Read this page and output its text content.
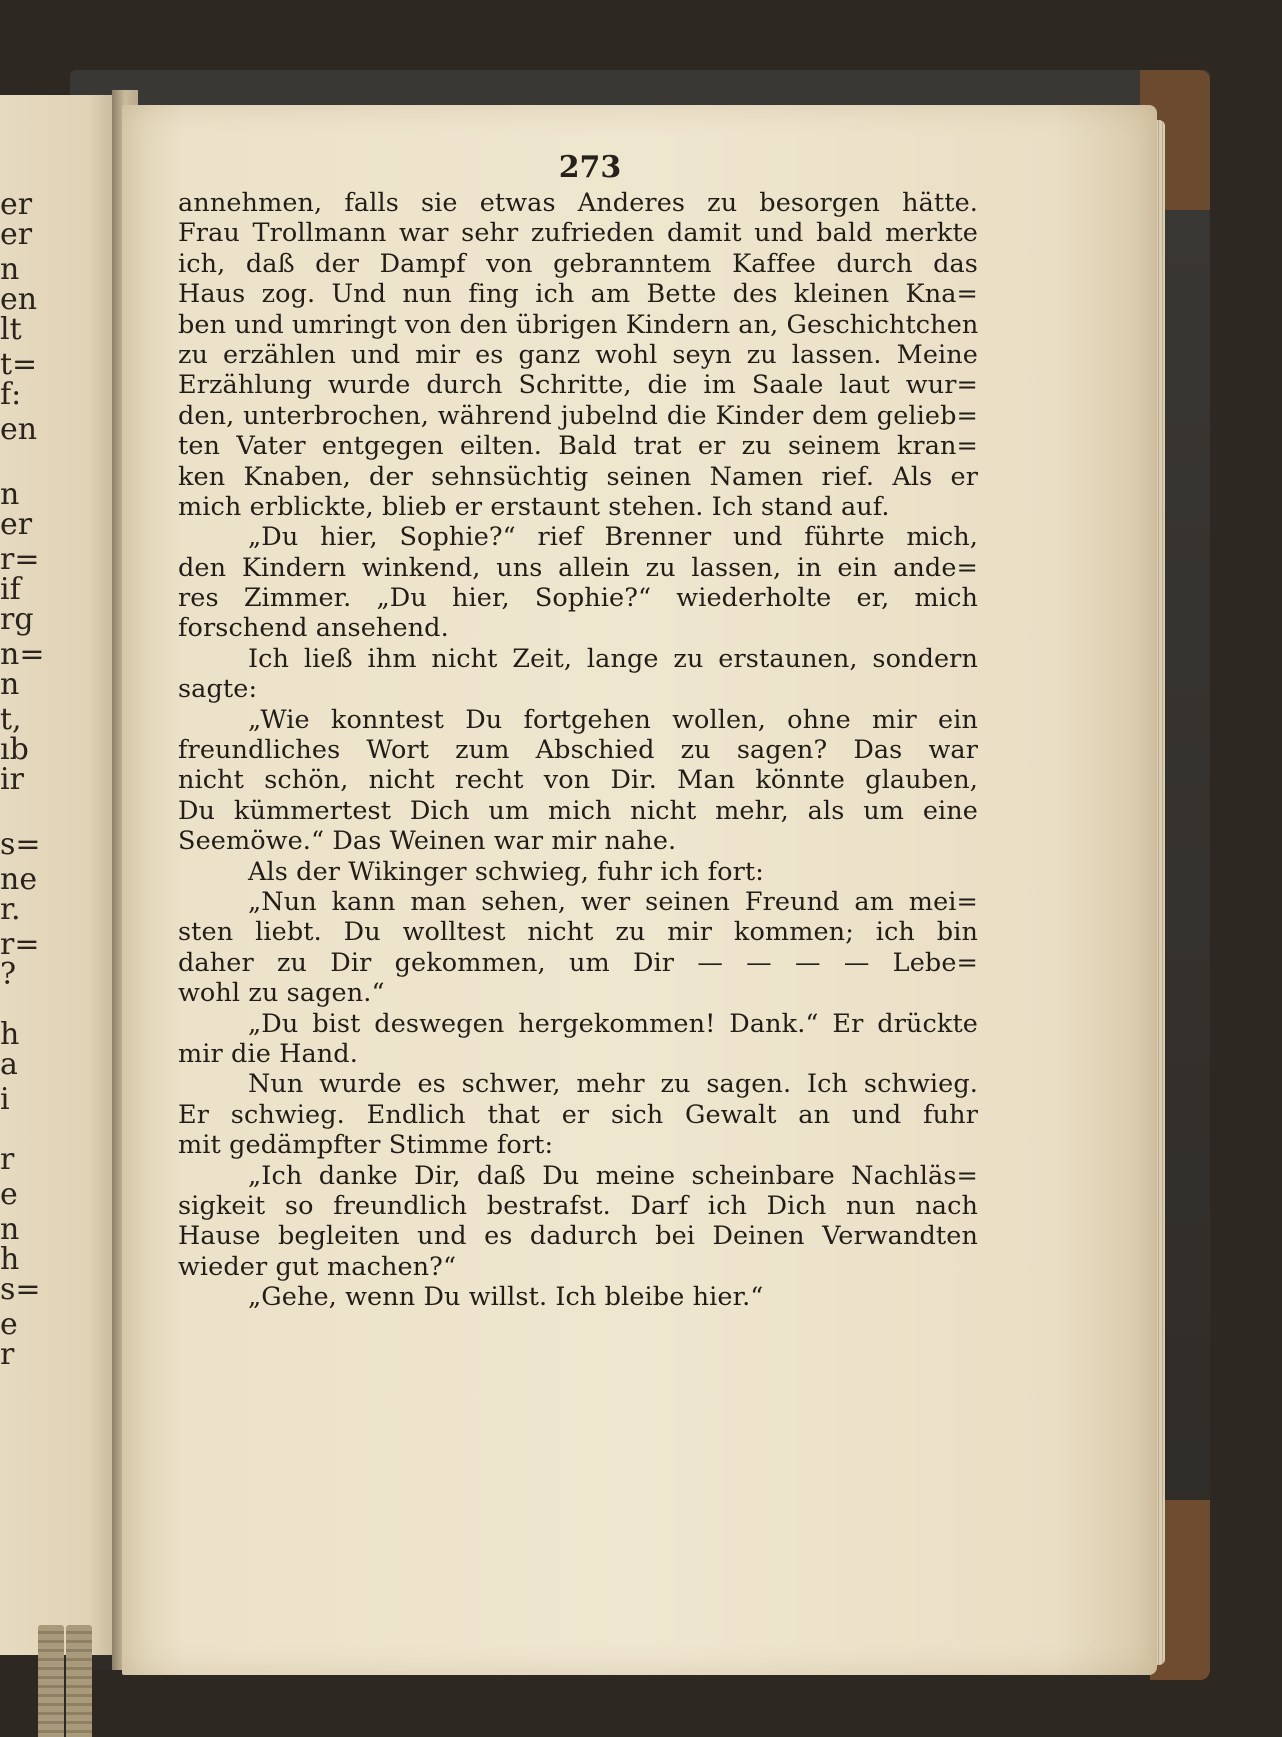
er
er
n
en
lt
t=
f:
en
n
er
r=
if
rg
n=
n
t,
ıb
ir
s=
ne
r.
r=
?
h
a
i
r
e
n
h
s=
e
r
273
annehmen, falls sie etwas Anderes zu besorgen hätte.
Frau Trollmann war sehr zufrieden damit und bald merkte
ich, daß der Dampf von gebranntem Kaffee durch das
Haus zog. Und nun fing ich am Bette des kleinen Kna=
ben und umringt von den übrigen Kindern an, Geschichtchen
zu erzählen und mir es ganz wohl seyn zu lassen. Meine
Erzählung wurde durch Schritte, die im Saale laut wur=
den, unterbrochen, während jubelnd die Kinder dem gelieb=
ten Vater entgegen eilten. Bald trat er zu seinem kran=
ken Knaben, der sehnsüchtig seinen Namen rief. Als er
mich erblickte, blieb er erstaunt stehen. Ich stand auf.
„Du hier, Sophie?“ rief Brenner und führte mich,
den Kindern winkend, uns allein zu lassen, in ein ande=
res Zimmer. „Du hier, Sophie?“ wiederholte er, mich
forschend ansehend.
Ich ließ ihm nicht Zeit, lange zu erstaunen, sondern
sagte:
„Wie konntest Du fortgehen wollen, ohne mir ein
freundliches Wort zum Abschied zu sagen? Das war
nicht schön, nicht recht von Dir. Man könnte glauben,
Du kümmertest Dich um mich nicht mehr, als um eine
Seemöwe.“ Das Weinen war mir nahe.
Als der Wikinger schwieg, fuhr ich fort:
„Nun kann man sehen, wer seinen Freund am mei=
sten liebt. Du wolltest nicht zu mir kommen; ich bin
daher zu Dir gekommen, um Dir — — — — Lebe=
wohl zu sagen.“
„Du bist deswegen hergekommen! Dank.“ Er drückte
mir die Hand.
Nun wurde es schwer, mehr zu sagen. Ich schwieg.
Er schwieg. Endlich that er sich Gewalt an und fuhr
mit gedämpfter Stimme fort:
„Ich danke Dir, daß Du meine scheinbare Nachläs=
sigkeit so freundlich bestrafst. Darf ich Dich nun nach
Hause begleiten und es dadurch bei Deinen Verwandten
wieder gut machen?“
„Gehe, wenn Du willst. Ich bleibe hier.“
